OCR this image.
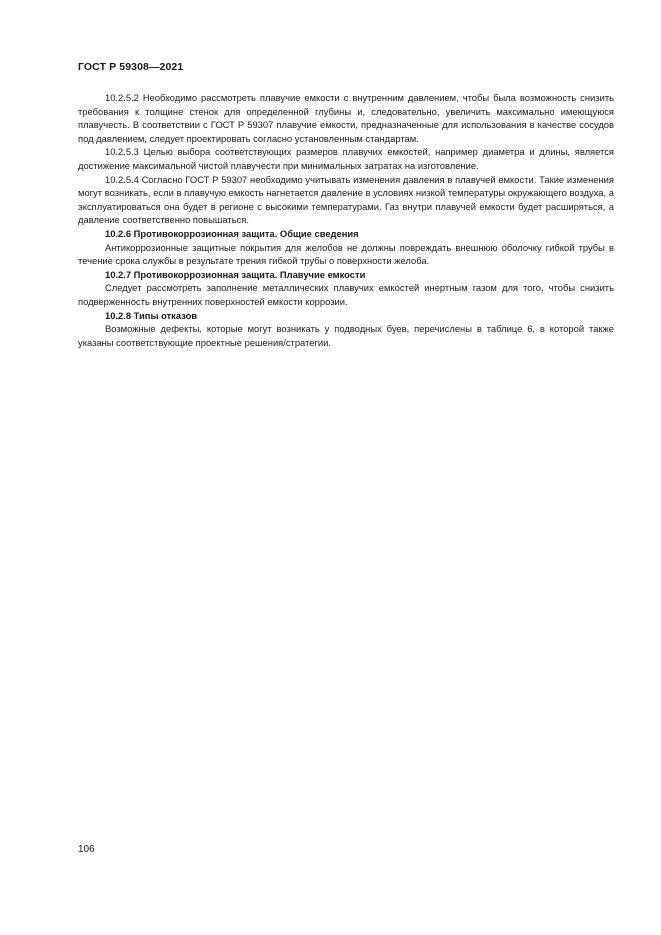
ГОСТ Р 59308—2021

10.2.5.2 Необходимо рассмотреть плавучие емкости с внутренним давлением, чтобы была возможность снизить требования к толщине стенок для определенной глубины и, следовательно, увеличить максимально имеющуюся плавучесть. В соответствии с ГОСТ Р 59307 плавучие емкости, предназначенные для использования в качестве сосудов под давлением, следует проектировать согласно установленным стандартам.

10.2.5.3 Целью выбора соответствующих размеров плавучих емкостей, например диаметра и длины, является достижение максимальной чистой плавучести при минимальных затратах на изготовление.

10.2.5.4 Согласно ГОСТ Р 59307 необходимо учитывать изменения давления в плавучей емкости. Такие изменения могут возникать, если в плавучую емкость нагнетается давление в условиях низкой температуры окружающего воздуха, а эксплуатироваться она будет в регионе с высокими температурами. Газ внутри плавучей емкости будет расширяться, а давление соответственно повышаться.

10.2.6 Противокоррозионная защита. Общие сведения

Антикоррозионные защитные покрытия для желобов не должны повреждать внешнюю оболочку гибкой трубы в течение срока службы в результате трения гибкой трубы о поверхности желоба.

10.2.7 Противокоррозионная защита. Плавучие емкости

Следует рассмотреть заполнение металлических плавучих емкостей инертным газом для того, чтобы снизить подверженность внутренних поверхностей емкости коррозии.

10.2.8 Типы отказов

Возможные дефекты, которые могут возникать у подводных буев, перечислены в таблице 6, в которой также указаны соответствующие проектные решения/стратегии.

106
